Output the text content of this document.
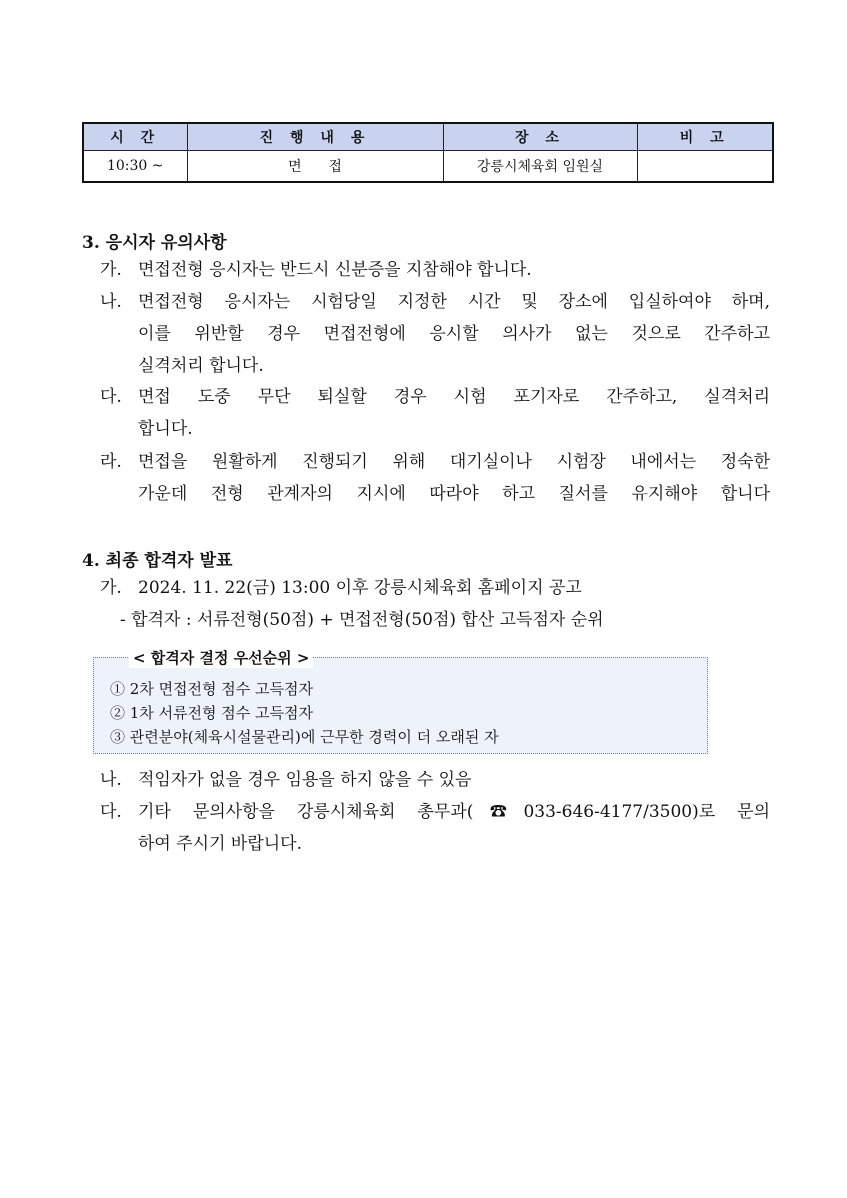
시 간	진 행 내 용	장 소	비 고
10:30 ~	면      접	강릉시체육회 임원실	
3. 응시자 유의사항
가. 면접전형 응시자는 반드시 신분증을 지참해야 합니다.
나. 면접전형 응시자는 시험당일 지정한 시간 및 장소에 입실하여야 하며,
이를 위반할 경우 면접전형에 응시할 의사가 없는 것으로 간주하고
실격처리 합니다.
다. 면접 도중 무단 퇴실할 경우 시험 포기자로 간주하고, 실격처리
합니다.
라. 면접을 원활하게 진행되기 위해 대기실이나 시험장 내에서는 정숙한
가운데 전형 관계자의 지시에 따라야 하고 질서를 유지해야 합니다
4. 최종 합격자 발표
가. 2024. 11. 22(금) 13:00 이후 강릉시체육회 홈페이지 공고
- 합격자 : 서류전형(50점) + 면접전형(50점) 합산 고득점자 순위
< 합격자 결정 우선순위 >
① 2차 면접전형 점수 고득점자
② 1차 서류전형 점수 고득점자
③ 관련분야(체육시설물관리)에 근무한 경력이 더 오래된 자
나. 적임자가 없을 경우 임용을 하지 않을 수 있음
다. 기타 문의사항을 강릉시체육회 총무과(☎033-646-4177/3500)로 문의
하여 주시기 바랍니다.
